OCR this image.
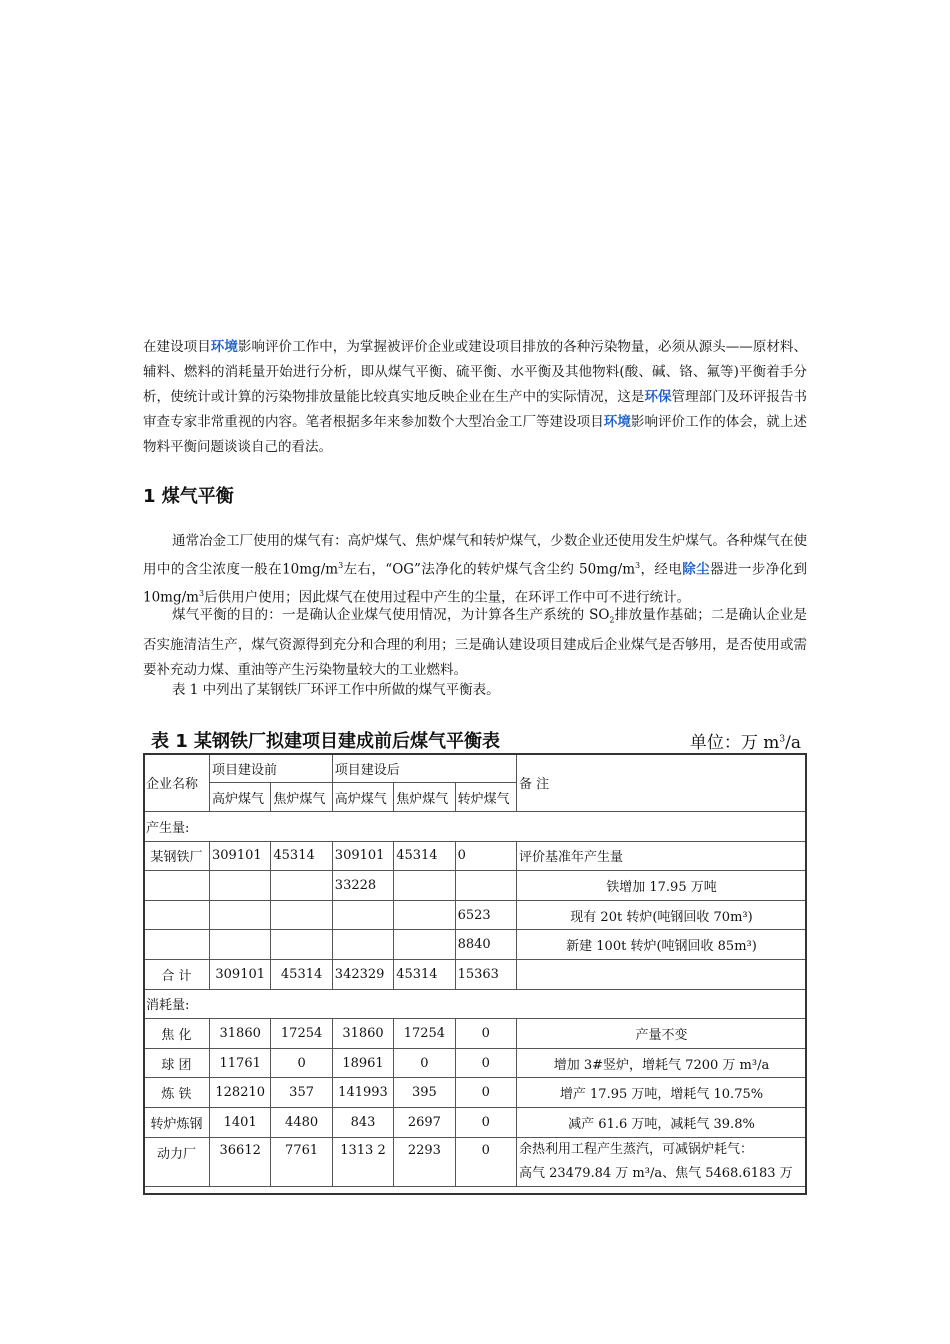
在建设项目环境影响评价工作中，为掌握被评价企业或建设项目排放的各种污染物量，必须从源头——原材料、辅料、燃料的消耗量开始进行分析，即从煤气平衡、硫平衡、水平衡及其他物料(酸、碱、铬、氟等)平衡着手分析，使统计或计算的污染物排放量能比较真实地反映企业在生产中的实际情况，这是环保管理部门及环评报告书审查专家非常重视的内容。笔者根据多年来参加数个大型冶金工厂等建设项目环境影响评价工作的体会，就上述物料平衡问题谈谈自己的看法。
1 煤气平衡
通常冶金工厂使用的煤气有：高炉煤气、焦炉煤气和转炉煤气，少数企业还使用发生炉煤气。各种煤气在使用中的含尘浓度一般在$10mg/m^3$左右，“OG”法净化的转炉煤气含尘约 $50mg/m^3$，经电除尘器进一步净化到 $10mg/m^3$后供用户使用；因此煤气在使用过程中产生的尘量，在环评工作中可不进行统计。
煤气平衡的目的：一是确认企业煤气使用情况，为计算各生产系统的 $SO_2$排放量作基础；二是确认企业是否实施清洁生产，煤气资源得到充分和合理的利用；三是确认建设项目建成后企业煤气是否够用，是否使用或需要补充动力煤、重油等产生污染物量较大的工业燃料。
表 1 中列出了某钢铁厂环评工作中所做的煤气平衡表。
表 1 某钢铁厂拟建项目建成前后煤气平衡表	单位：万 $m^3/a$
企业名称	项目建设前		项目建设后			备 注
	高炉煤气	焦炉煤气	高炉煤气	焦炉煤气	转炉煤气	
产生量:						
某钢铁厂	309101	45314	309101	45314	0	评价基准年产生量
			33228			铁增加 17.95 万吨
					6523	现有 20t 转炉(吨钢回收 70m³)
					8840	新建 100t 转炉(吨钢回收 85m³)
合 计	309101	45314	342329	45314	15363	
消耗量:						
焦 化	31860	17254	31860	17254	0	产量不变
球 团	11761	0	18961	0	0	增加 3#竖炉，增耗气 7200 万 m³/a
炼 铁	128210	357	141993	395	0	增产 17.95 万吨，增耗气 10.75%
转炉炼钢	1401	4480	843	2697	0	减产 61.6 万吨，减耗气 39.8%
动力厂	36612	7761	1313 2	2293	0	余热利用工程产生蒸汽，可减锅炉耗气：
高气 23479.84 万 m³/a、焦气 5468.6183 万
